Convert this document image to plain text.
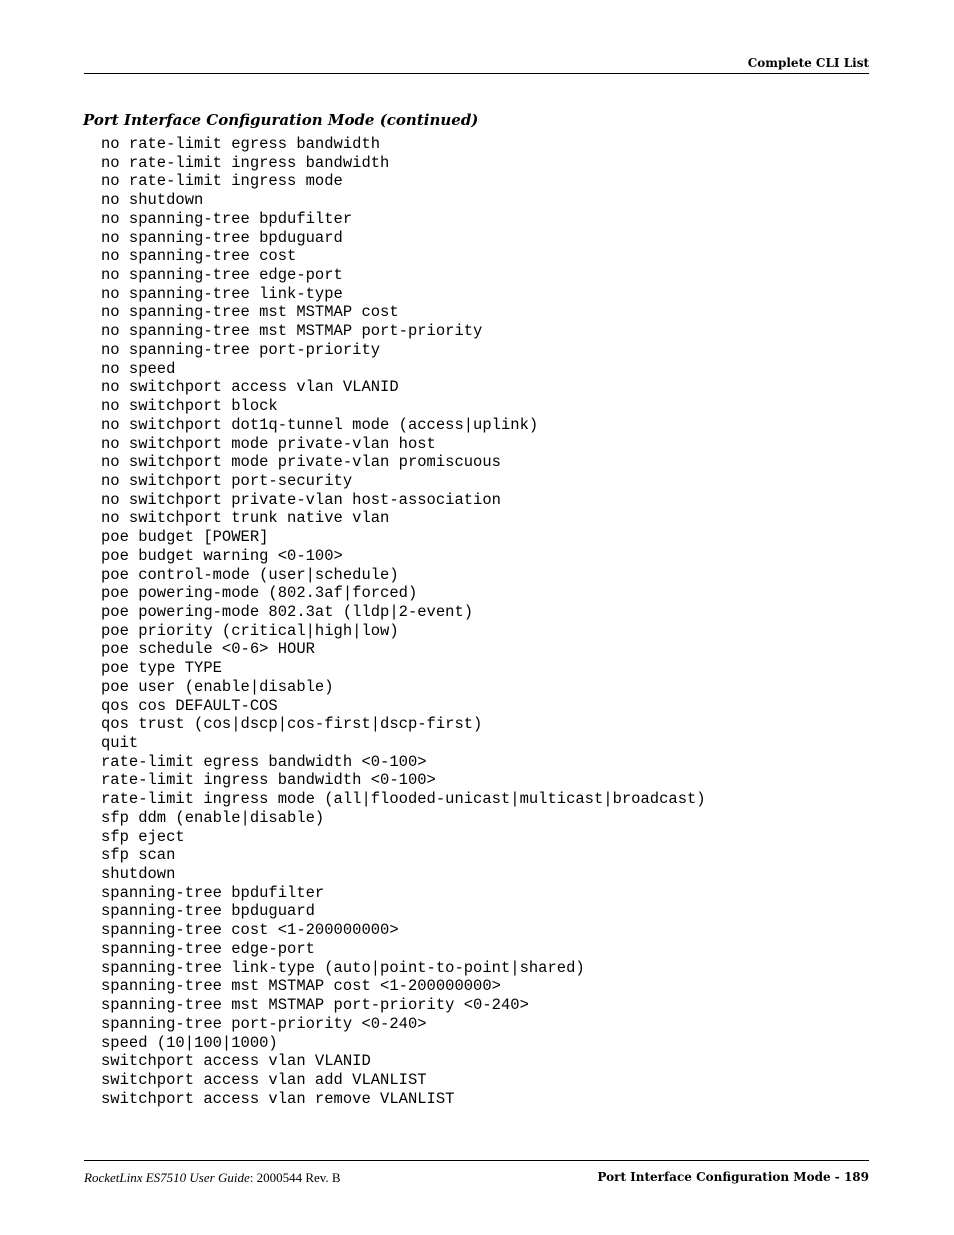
Complete CLI List
Port Interface Configuration Mode (continued)
no rate-limit egress bandwidth
no rate-limit ingress bandwidth
no rate-limit ingress mode
no shutdown
no spanning-tree bpdufilter
no spanning-tree bpduguard
no spanning-tree cost
no spanning-tree edge-port
no spanning-tree link-type
no spanning-tree mst MSTMAP cost
no spanning-tree mst MSTMAP port-priority
no spanning-tree port-priority
no speed
no switchport access vlan VLANID
no switchport block
no switchport dot1q-tunnel mode (access|uplink)
no switchport mode private-vlan host
no switchport mode private-vlan promiscuous
no switchport port-security
no switchport private-vlan host-association
no switchport trunk native vlan
poe budget [POWER]
poe budget warning <0-100>
poe control-mode (user|schedule)
poe powering-mode (802.3af|forced)
poe powering-mode 802.3at (lldp|2-event)
poe priority (critical|high|low)
poe schedule <0-6> HOUR
poe type TYPE
poe user (enable|disable)
qos cos DEFAULT-COS
qos trust (cos|dscp|cos-first|dscp-first)
quit
rate-limit egress bandwidth <0-100>
rate-limit ingress bandwidth <0-100>
rate-limit ingress mode (all|flooded-unicast|multicast|broadcast)
sfp ddm (enable|disable)
sfp eject
sfp scan
shutdown
spanning-tree bpdufilter
spanning-tree bpduguard
spanning-tree cost <1-200000000>
spanning-tree edge-port
spanning-tree link-type (auto|point-to-point|shared)
spanning-tree mst MSTMAP cost <1-200000000>
spanning-tree mst MSTMAP port-priority <0-240>
spanning-tree port-priority <0-240>
speed (10|100|1000)
switchport access vlan VLANID
switchport access vlan add VLANLIST
switchport access vlan remove VLANLIST
RocketLinx ES7510 User Guide: 2000544 Rev. B	Port Interface Configuration Mode - 189
